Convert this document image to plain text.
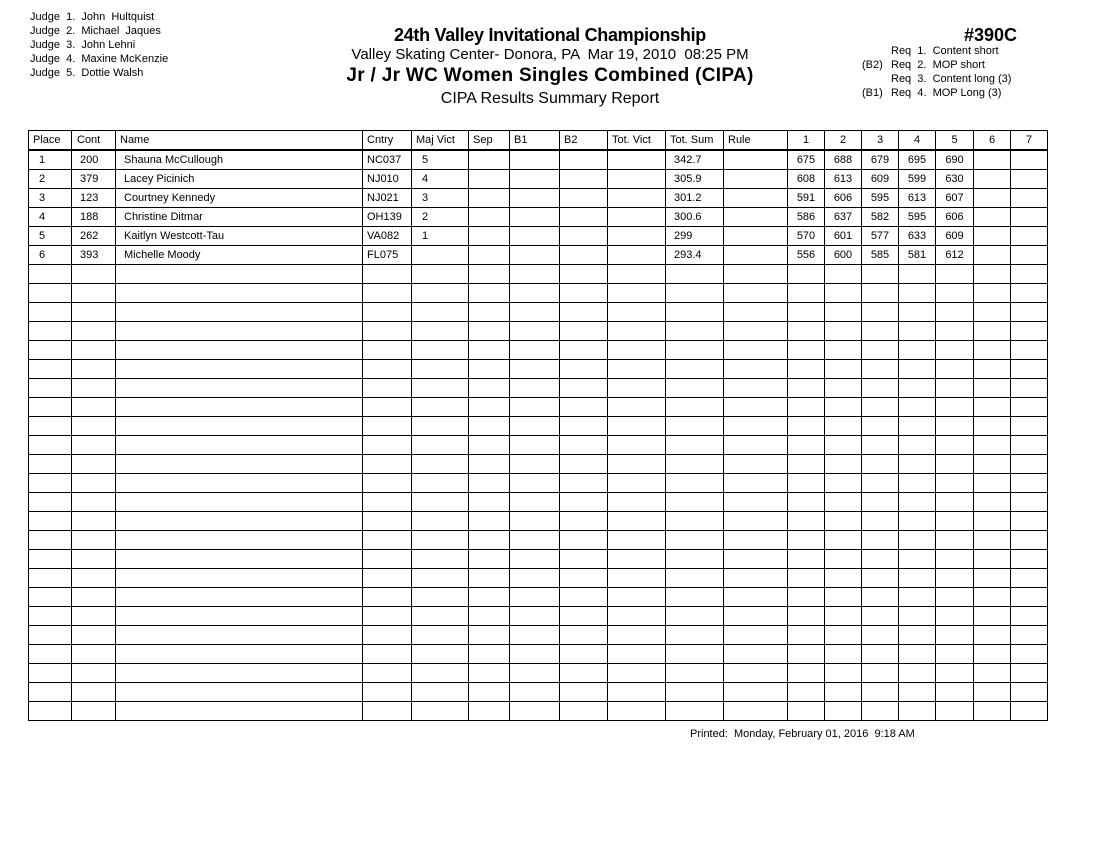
Judge  1.  John  Hultquist
Judge  2.  Michael  Jaques
Judge  3.  John Lehni
Judge  4.  Maxine McKenzie
Judge  5.  Dottie Walsh
24th Valley Invitational Championship
Valley Skating Center- Donora, PA  Mar 19, 2010  08:25 PM
Jr / Jr WC Women Singles Combined (CIPA)
CIPA Results Summary Report
#390C
Req  1.  Content short
(B2) Req  2.  MOP short
Req  3.  Content long (3)
(B1) Req  4.  MOP Long (3)
Place	Cont	Name	Cntry	Maj Vict	Sep	B1	B2	Tot. Vict	Tot. Sum	Rule	1	2	3	4	5	6	7
1	200	Shauna McCullough	NC037	5					342.7		675	688	679	695	690		
2	379	Lacey Picinich	NJ010	4					305.9		608	613	609	599	630		
3	123	Courtney Kennedy	NJ021	3					301.2		591	606	595	613	607		
4	188	Christine Ditmar	OH139	2					300.6		586	637	582	595	606		
5	262	Kaitlyn Westcott-Tau	VA082	1					299		570	601	577	633	609		
6	393	Michelle Moody	FL075						293.4		556	600	585	581	612		

Printed:  Monday, February 01, 2016  9:18 AM
